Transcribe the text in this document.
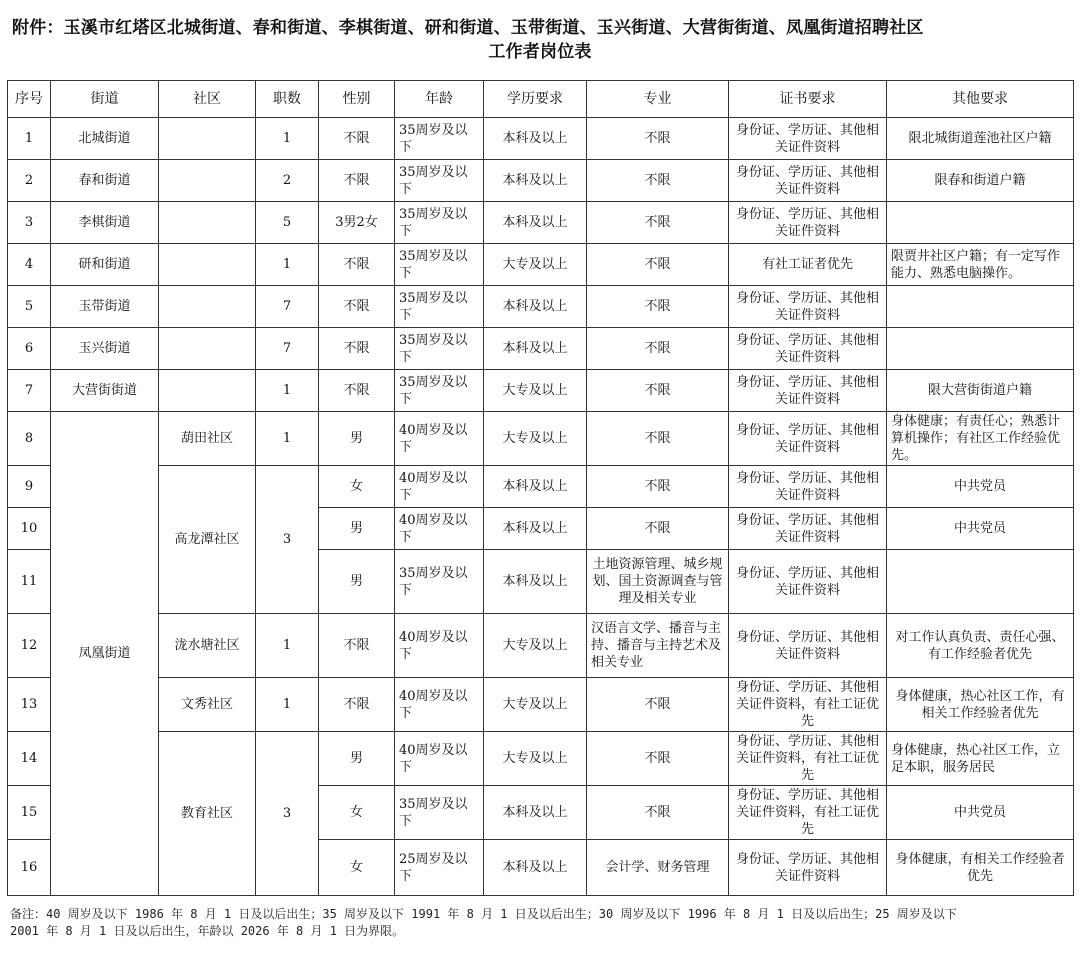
附件：玉溪市红塔区北城街道、春和街道、李棋街道、研和街道、玉带街道、玉兴街道、大营街街道、凤凰街道招聘社区
工作者岗位表
序号	街道	社区	职数	性别	年龄	学历要求	专业	证书要求	其他要求
1	北城街道		1	不限	35周岁及以下	本科及以上	不限	身份证、学历证、其他相关证件资料	限北城街道莲池社区户籍
2	春和街道		2	不限	35周岁及以下	本科及以上	不限	身份证、学历证、其他相关证件资料	限春和街道户籍
3	李棋街道		5	3男2女	35周岁及以下	本科及以上	不限	身份证、学历证、其他相关证件资料	
4	研和街道		1	不限	35周岁及以下	大专及以上	不限	有社工证者优先	限贾井社区户籍；有一定写作能力、熟悉电脑操作。
5	玉带街道		7	不限	35周岁及以下	本科及以上	不限	身份证、学历证、其他相关证件资料	
6	玉兴街道		7	不限	35周岁及以下	本科及以上	不限	身份证、学历证、其他相关证件资料	
7	大营街街道		1	不限	35周岁及以下	大专及以上	不限	身份证、学历证、其他相关证件资料	限大营街街道户籍
8	凤凰街道	葫田社区	1	男	40周岁及以下	大专及以上	不限	身份证、学历证、其他相关证件资料	身体健康；有责任心；熟悉计算机操作；有社区工作经验优先。
9		高龙潭社区	3	女	40周岁及以下	本科及以上	不限	身份证、学历证、其他相关证件资料	中共党员
10				男	40周岁及以下	本科及以上	不限	身份证、学历证、其他相关证件资料	中共党员
11				男	35周岁及以下	本科及以上	土地资源管理、城乡规划、国土资源调查与管理及相关专业	身份证、学历证、其他相关证件资料	
12		泷水塘社区	1	不限	40周岁及以下	大专及以上	汉语言文学、播音与主持、播音与主持艺术及相关专业	身份证、学历证、其他相关证件资料	对工作认真负责、责任心强、有工作经验者优先
13		文秀社区	1	不限	40周岁及以下	大专及以上	不限	身份证、学历证、其他相关证件资料，有社工证优先	身体健康，热心社区工作，有相关工作经验者优先
14		教育社区	3	男	40周岁及以下	大专及以上	不限	身份证、学历证、其他相关证件资料，有社工证优先	身体健康，热心社区工作，立足本职，服务居民
15				女	35周岁及以下	本科及以上	不限	身份证、学历证、其他相关证件资料，有社工证优先	中共党员
16				女	25周岁及以下	本科及以上	会计学、财务管理	身份证、学历证、其他相关证件资料	身体健康，有相关工作经验者优先
备注：40 周岁及以下 1986 年 8 月 1 日及以后出生；35 周岁及以下 1991 年 8 月 1 日及以后出生；30 周岁及以下 1996 年 8 月 1 日及以后出生；25 周岁及以下
2001 年 8 月 1 日及以后出生，年龄以 2026 年 8 月 1 日为界限。
